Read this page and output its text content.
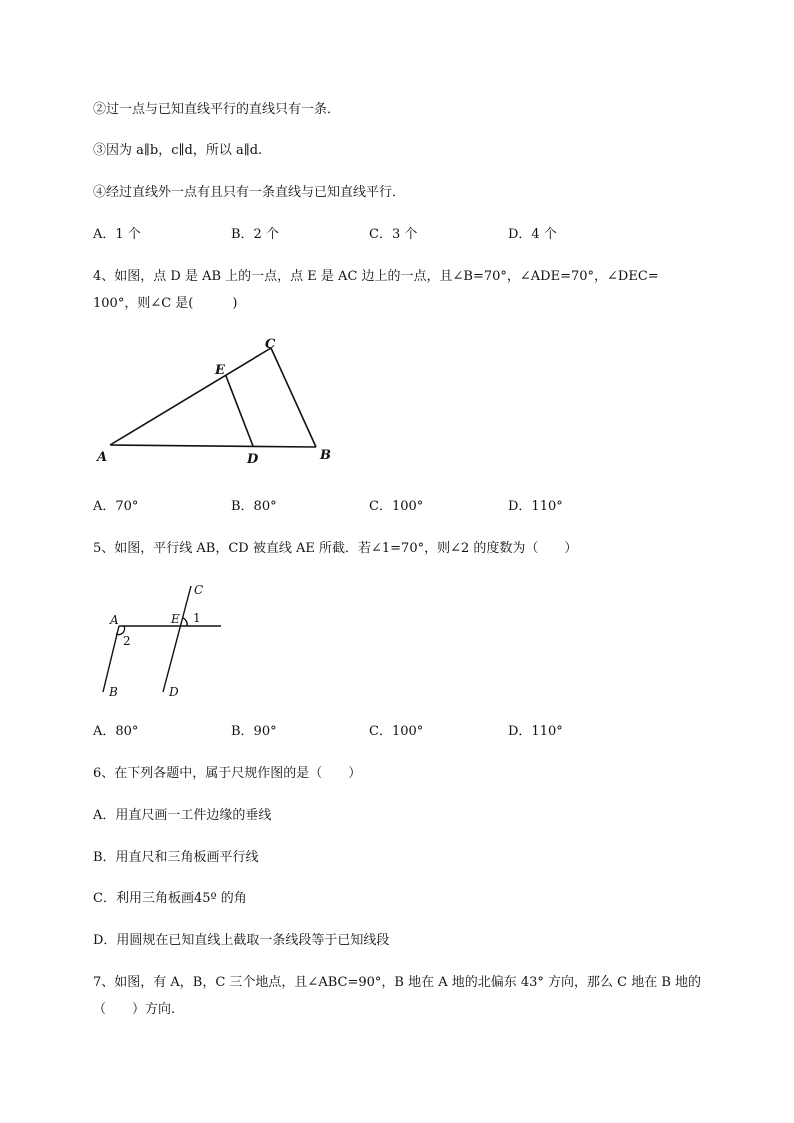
②过一点与已知直线平行的直线只有一条．
③因为 a∥b，c∥d，所以 a∥d.
④经过直线外一点有且只有一条直线与已知直线平行．
A．1 个	B．2 个	C．3 个	D．4 个
4、如图，点 D 是 AB 上的一点，点 E 是 AC 边上的一点，且∠B=70°，∠ADE=70°，∠DEC=
100°，则∠C 是(　　　)
A	B
C
D
E
A．70°	B．80°	C．100°	D．110°
5、如图，平行线 AB，CD 被直线 AE 所截．若∠1=70°，则∠2 的度数为（　　）
A
B
C
D
E 1
2
A．80°	B．90°	C．100°	D．110°
6、在下列各题中，属于尺规作图的是（　　）
A．用直尺画一工件边缘的垂线
B．用直尺和三角板画平行线
C．利用三角板画45º 的角
D．用圆规在已知直线上截取一条线段等于已知线段
7、如图，有 A，B，C 三个地点，且∠ABC=90°，B 地在 A 地的北偏东 43° 方向，那么 C 地在 B 地的
（　　）方向.
